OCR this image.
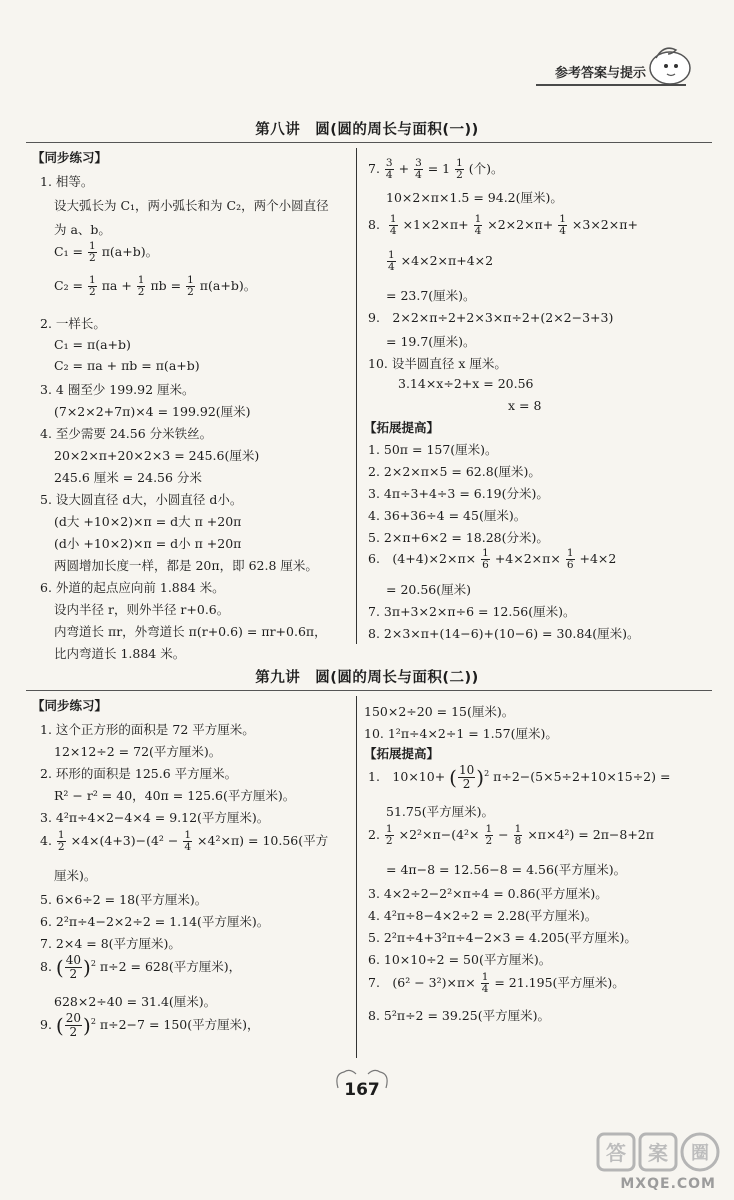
参考答案与提示
第八讲　圆(圆的周长与面积(一))
【同步练习】
1. 相等。
设大弧长为 C₁，两小弧长和为 C₂，两个小圆直径
为 a、b。
$C_1 = \frac{1}{2} \pi(a+b)$。
$C_2 = \frac{1}{2}$ $\pi a + \frac{1}{2}$ $\pi b = \frac{1}{2} \pi(a+b)$。
2. 一样长。
C₁ = π(a+b)
C₂ = πa + πb = π(a+b)
3. 4 圈至少 199.92 厘米。
(7×2×2+7π)×4 = 199.92(厘米)
4. 至少需要 24.56 分米铁丝。
20×2×π+20×2×3 = 245.6(厘米)
245.6 厘米 = 24.56 分米
5. 设大圆直径 d大，小圆直径 d小。
(d大 +10×2)×π = d大 π +20π
(d小 +10×2)×π = d小 π +20π
两圆增加长度一样，都是 20π，即 62.8 厘米。
6. 外道的起点应向前 1.884 米。
设内半径 r，则外半径 r+0.6。
内弯道长 πr，外弯道长 π(r+0.6) = πr+0.6π，
比内弯道长 1.884 米。
7. $\frac{3}{4} + \frac{3}{4} = 1 \frac{1}{2}$ (个)。
10×2×π×1.5 = 94.2(厘米)。
8. $\frac{1}{4} \times 1\times 2\times\pi+ \frac{1}{4} \times 2\times 2\times\pi+ \frac{1}{4} \times 3\times 2\times\pi+$
$\frac{1}{4} \times 4\times 2\times\pi+4\times 2$
= 23.7(厘米)。
9.　2×2×π÷2+2×3×π÷2+(2×2−3+3)
= 19.7(厘米)。
10. 设半圆直径 x 厘米。
3.14×x÷2+x = 20.56
x = 8
【拓展提高】
1. 50π = 157(厘米)。
2. 2×2×π×5 = 62.8(厘米)。
3. 4π÷3+4÷3 = 6.19(分米)。
4. 36+36÷4 = 45(厘米)。
5. 2×π+6×2 = 18.28(分米)。
6.　$(4+4)\times 2\times\pi\times \frac{1}{6} +4\times 2\times\pi\times \frac{1}{6} +4\times 2$
= 20.56(厘米)
7. 3π+3×2×π÷6 = 12.56(厘米)。
8. 2×3×π+(14−6)+(10−6) = 30.84(厘米)。
第九讲　圆(圆的周长与面积(二))
【同步练习】
1. 这个正方形的面积是 72 平方厘米。
12×12÷2 = 72(平方厘米)。
2. 环形的面积是 125.6 平方厘米。
R² − r² = 40，40π = 125.6(平方厘米)。
3. 4²π÷4×2−4×4 = 9.12(平方厘米)。
4. $\frac{1}{2} \times 4\times(4+3)-(4^2 - \frac{1}{4} \times 4^2\times\pi) = 10.56$(平方
厘米)。
5. 6×6÷2 = 18(平方厘米)。
6. 2²π÷4−2×2÷2 = 1.14(平方厘米)。
7. 2×4 = 8(平方厘米)。
8. ( $\frac{40}{2} )^2$ π÷2 = 628(平方厘米)，
628×2÷40 = 31.4(厘米)。
9. ( $\frac{20}{2} )^2$ π÷2−7 = 150(平方厘米)，
150×2÷20 = 15(厘米)。
10. 1²π÷4×2÷1 = 1.57(厘米)。
【拓展提高】
1.　10×10+ ( $\frac{10}{2} )^2$ π÷2−(5×5÷2+10×15÷2) =
51.75(平方厘米)。
2. $\frac{1}{2} \times 2^2\times\pi-(4^2\times \frac{1}{2} - \frac{1}{8} \times\pi\times 4^2) = 2\pi-8+2\pi$
= 4π−8 = 12.56−8 = 4.56(平方厘米)。
3. 4×2÷2−2²×π÷4 = 0.86(平方厘米)。
4. 4²π÷8−4×2÷2 = 2.28(平方厘米)。
5. 2²π÷4+3²π÷4−2×3 = 4.205(平方厘米)。
6. 10×10÷2 = 50(平方厘米)。
7.　$(6^2 - 3^2)\times\pi\times \frac{1}{4} = 21.195$(平方厘米)。
8. 5²π÷2 = 39.25(平方厘米)。
167
答 案 圈
MXQE.COM
